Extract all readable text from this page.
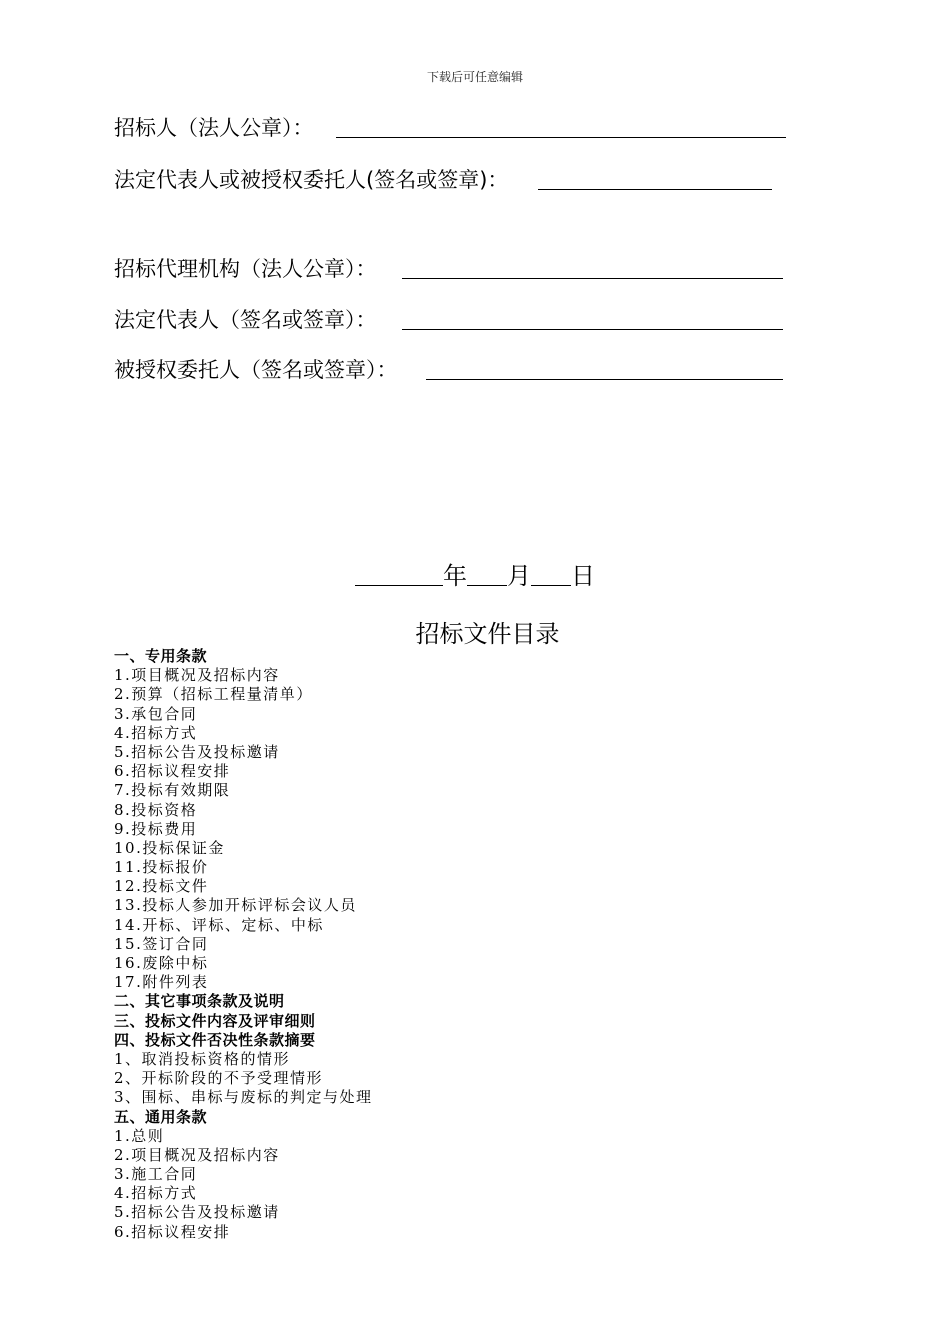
下载后可任意编辑
招标人（法人公章）：
法定代表人或被授权委托人(签名或签章)：
招标代理机构（法人公章）：
法定代表人（签名或签章）：
被授权委托人（签名或签章）：
年 月 日
招标文件目录
一、专用条款
1.项目概况及招标内容
2.预算（招标工程量清单）
3.承包合同
4.招标方式
5.招标公告及投标邀请
6.招标议程安排
7.投标有效期限
8.投标资格
9.投标费用
10.投标保证金
11.投标报价
12.投标文件
13.投标人参加开标评标会议人员
14.开标、评标、定标、中标
15.签订合同
16.废除中标
17.附件列表
二、其它事项条款及说明
三、投标文件内容及评审细则
四、投标文件否决性条款摘要
1、取消投标资格的情形
2、开标阶段的不予受理情形
3、围标、串标与废标的判定与处理
五、通用条款
1.总则
2.项目概况及招标内容
3.施工合同
4.招标方式
5.招标公告及投标邀请
6.招标议程安排
